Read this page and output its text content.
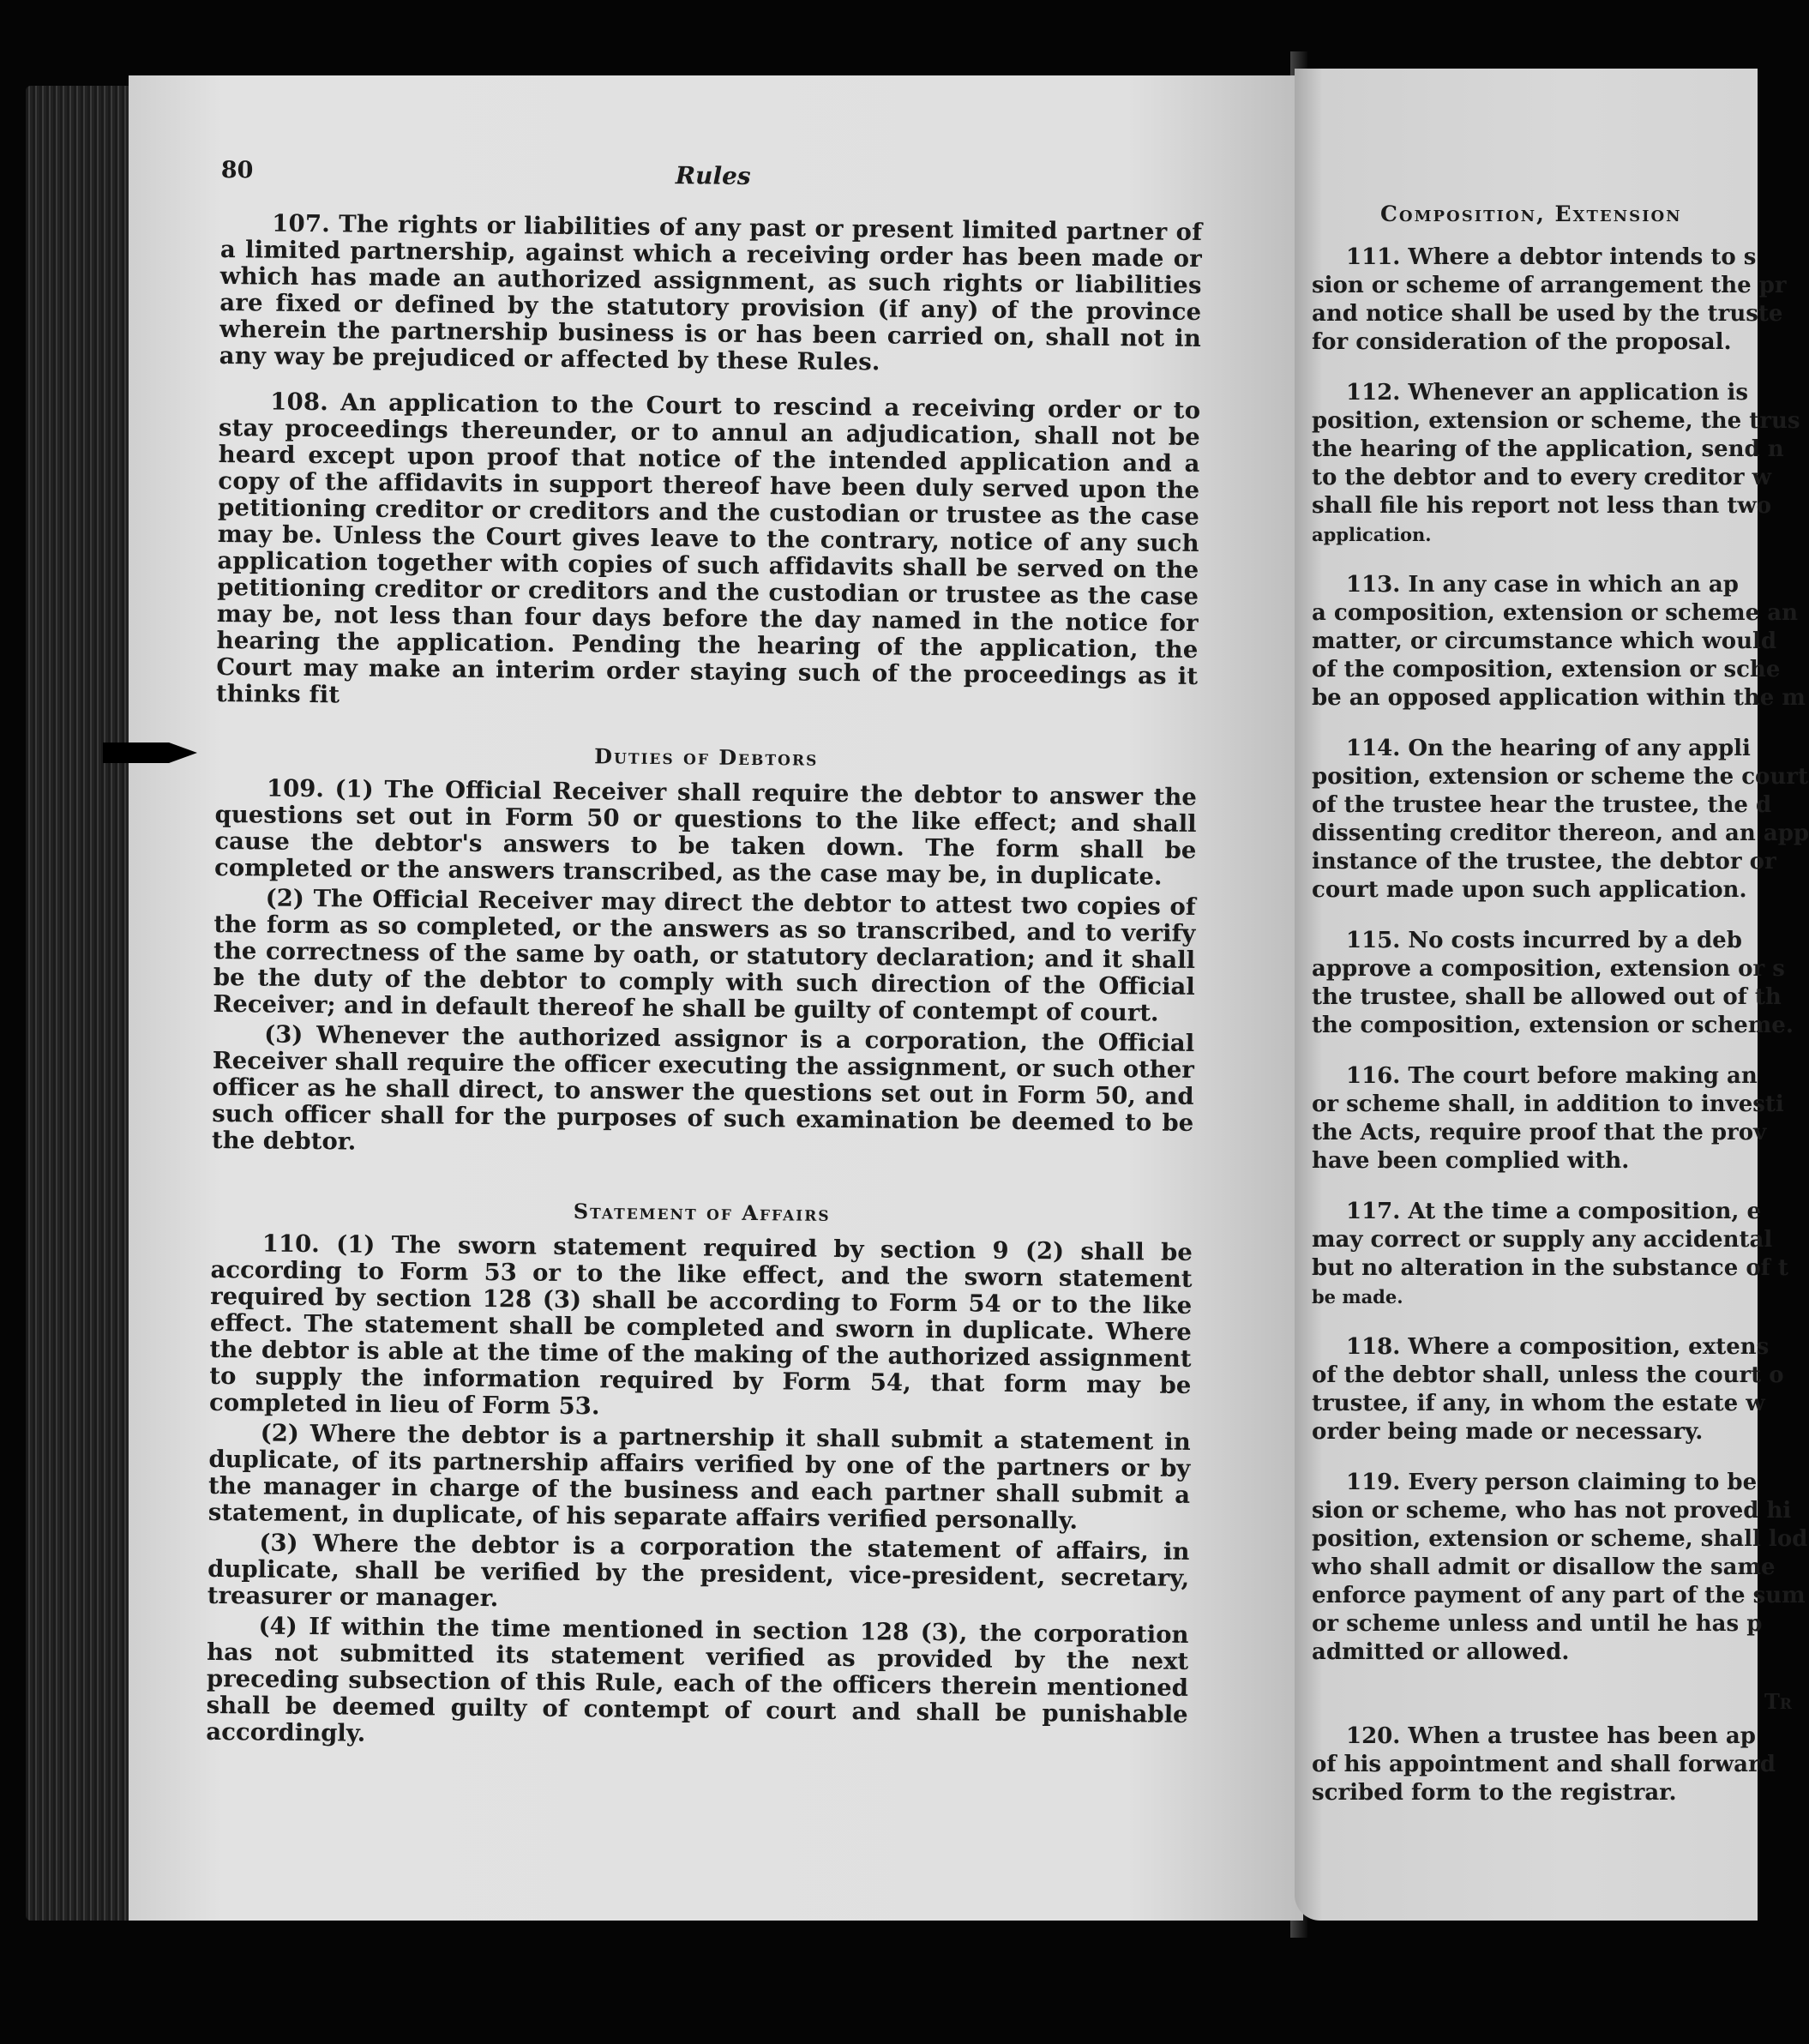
80	Rules

107. The rights or liabilities of any past or present limited partner of a limited partnership, against which a receiving order has been made or which has made an authorized assignment, as such rights or liabilities are fixed or defined by the statutory provision (if any) of the province wherein the partnership business is or has been carried on, shall not in any way be prejudiced or affected by these Rules.

108. An application to the Court to rescind a receiving order or to stay proceedings thereunder, or to annul an adjudication, shall not be heard except upon proof that notice of the intended application and a copy of the affidavits in support thereof have been duly served upon the petitioning creditor or creditors and the custodian or trustee as the case may be. Unless the Court gives leave to the contrary, notice of any such application together with copies of such affidavits shall be served on the petitioning creditor or creditors and the custodian or trustee as the case may be, not less than four days before the day named in the notice for hearing the application. Pending the hearing of the application, the Court may make an interim order staying such of the proceedings as it thinks fit

Duties of Debtors

109. (1) The Official Receiver shall require the debtor to answer the questions set out in Form 50 or questions to the like effect; and shall cause the debtor's answers to be taken down. The form shall be completed or the answers transcribed, as the case may be, in duplicate.

(2) The Official Receiver may direct the debtor to attest two copies of the form as so completed, or the answers as so transcribed, and to verify the correctness of the same by oath, or statutory declaration; and it shall be the duty of the debtor to comply with such direction of the Official Receiver; and in default thereof he shall be guilty of contempt of court.

(3) Whenever the authorized assignor is a corporation, the Official Receiver shall require the officer executing the assignment, or such other officer as he shall direct, to answer the questions set out in Form 50, and such officer shall for the purposes of such examination be deemed to be the debtor.

Statement of Affairs

110. (1) The sworn statement required by section 9 (2) shall be according to Form 53 or to the like effect, and the sworn statement required by section 128 (3) shall be according to Form 54 or to the like effect. The statement shall be completed and sworn in duplicate. Where the debtor is able at the time of the making of the authorized assignment to supply the information required by Form 54, that form may be completed in lieu of Form 53.

(2) Where the debtor is a partnership it shall submit a statement in duplicate, of its partnership affairs verified by one of the partners or by the manager in charge of the business and each partner shall submit a statement, in duplicate, of his separate affairs verified personally.

(3) Where the debtor is a corporation the statement of affairs, in duplicate, shall be verified by the president, vice-president, secretary, treasurer or manager.

(4) If within the time mentioned in section 128 (3), the corporation has not submitted its statement verified as provided by the next preceding subsection of this Rule, each of the officers therein mentioned shall be deemed guilty of contempt of court and shall be punishable accordingly.

Composition, Extension
111. Where a debtor intends to s
sion or scheme of arrangement the pr
and notice shall be used by the truste
for consideration of the proposal.
112. Whenever an application is
position, extension or scheme, the trus
the hearing of the application, send n
to the debtor and to every creditor w
shall file his report not less than two
application.
113. In any case in which an ap
a composition, extension or scheme an
matter, or circumstance which would
of the composition, extension or sche
be an opposed application within the m
114. On the hearing of any appli
position, extension or scheme the court
of the trustee hear the trustee, the d
dissenting creditor thereon, and an app
instance of the trustee, the debtor or
court made upon such application.
115. No costs incurred by a deb
approve a composition, extension or s
the trustee, shall be allowed out of th
the composition, extension or scheme.
116. The court before making an
or scheme shall, in addition to investi
the Acts, require proof that the prov
have been complied with.
117. At the time a composition, e
may correct or supply any accidental
but no alteration in the substance of t
be made.
118. Where a composition, extens
of the debtor shall, unless the court o
trustee, if any, in whom the estate w
order being made or necessary.
119. Every person claiming to be
sion or scheme, who has not proved hi
position, extension or scheme, shall lod
who shall admit or disallow the same
enforce payment of any part of the sum
or scheme unless and until he has p
admitted or allowed.
Tr
120. When a trustee has been ap
of his appointment and shall forward
scribed form to the registrar.
